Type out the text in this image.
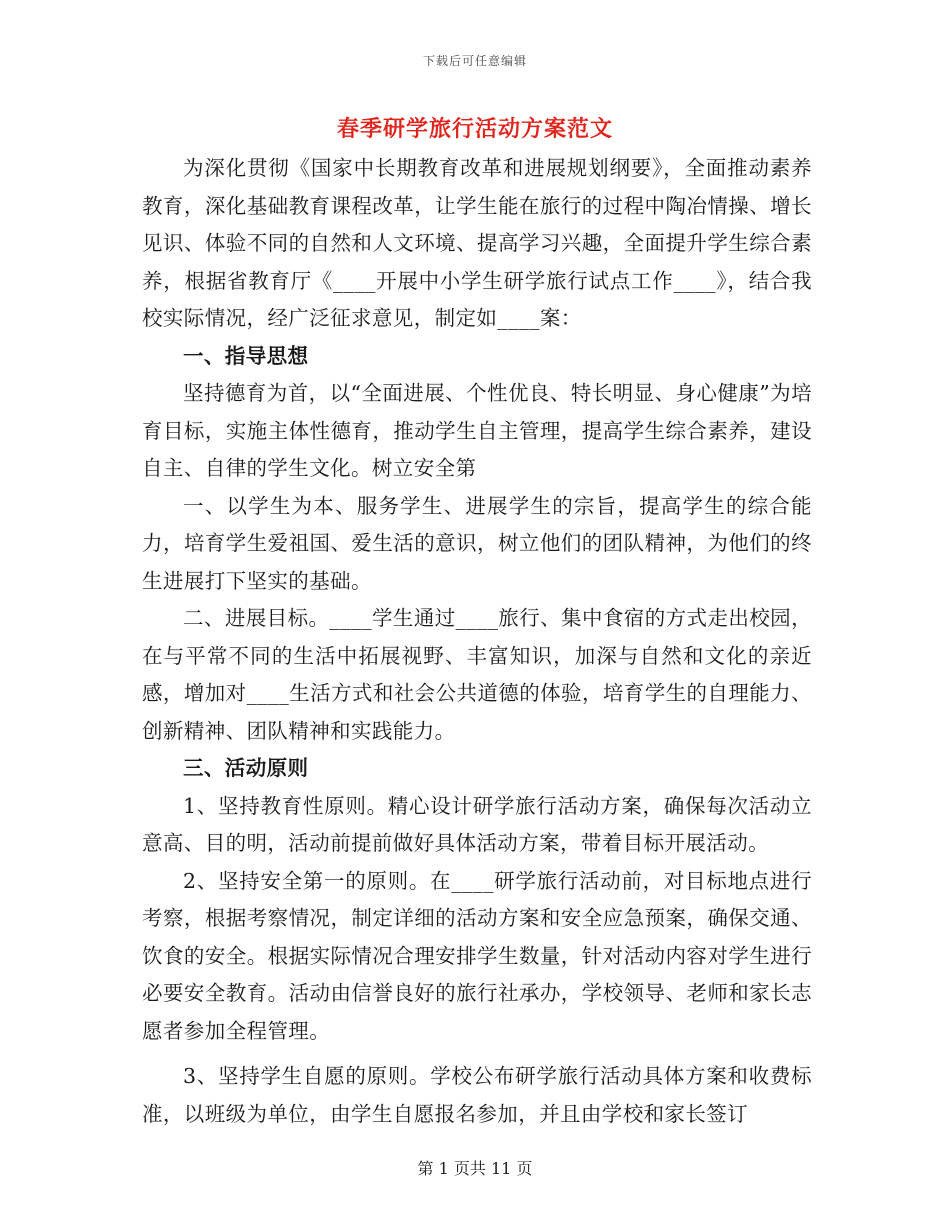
下载后可任意编辑
春季研学旅行活动方案范文

为深化贯彻《国家中长期教育改革和进展规划纲要》，全面推动素养教育，深化基础教育课程改革，让学生能在旅行的过程中陶冶情操、增长见识、体验不同的自然和人文环境、提高学习兴趣，全面提升学生综合素养，根据省教育厅《____开展中小学生研学旅行试点工作____》，结合我校实际情况，经广泛征求意见，制定如____案：

一、指导思想

坚持德育为首，以“全面进展、个性优良、特长明显、身心健康”为培育目标，实施主体性德育，推动学生自主管理，提高学生综合素养，建设自主、自律的学生文化。树立安全第

一、以学生为本、服务学生、进展学生的宗旨，提高学生的综合能力，培育学生爱祖国、爱生活的意识，树立他们的团队精神，为他们的终生进展打下坚实的基础。

二、进展目标。____学生通过____旅行、集中食宿的方式走出校园，在与平常不同的生活中拓展视野、丰富知识，加深与自然和文化的亲近感，增加对____生活方式和社会公共道德的体验，培育学生的自理能力、创新精神、团队精神和实践能力。

三、活动原则

1、坚持教育性原则。精心设计研学旅行活动方案，确保每次活动立意高、目的明，活动前提前做好具体活动方案，带着目标开展活动。

2、坚持安全第一的原则。在____研学旅行活动前，对目标地点进行考察，根据考察情况，制定详细的活动方案和安全应急预案，确保交通、饮食的安全。根据实际情况合理安排学生数量，针对活动内容对学生进行必要安全教育。活动由信誉良好的旅行社承办，学校领导、老师和家长志愿者参加全程管理。

3、坚持学生自愿的原则。学校公布研学旅行活动具体方案和收费标准，以班级为单位，由学生自愿报名参加，并且由学校和家长签订

第 1 页共 11 页
